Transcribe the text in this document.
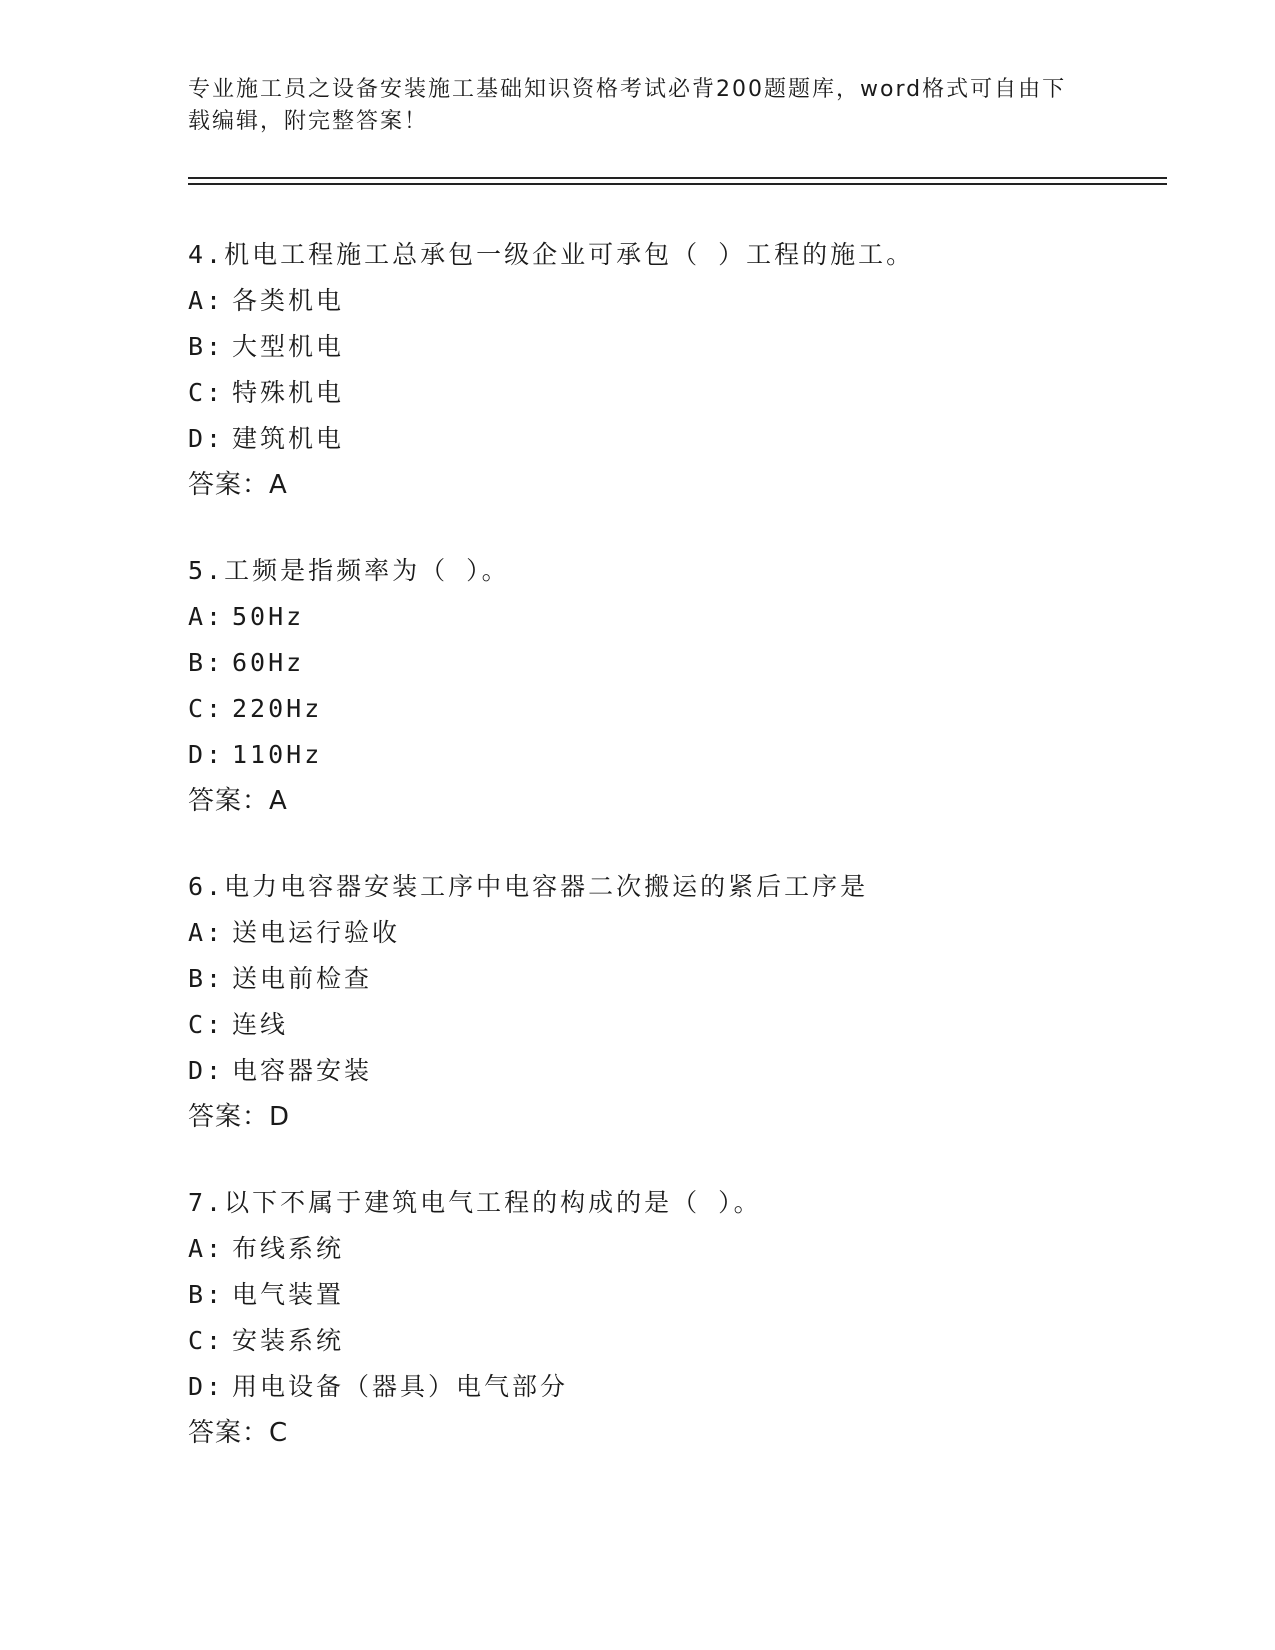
专业施工员之设备安装施工基础知识资格考试必背200题题库，word格式可自由下载编辑，附完整答案！
4.机电工程施工总承包一级企业可承包（ ）工程的施工。
A: 各类机电
B: 大型机电
C: 特殊机电
D: 建筑机电
答案：A
5.工频是指频率为（ ）。
A: 50Hz
B: 60Hz
C: 220Hz
D: 110Hz
答案：A
6.电力电容器安装工序中电容器二次搬运的紧后工序是
A: 送电运行验收
B: 送电前检查
C: 连线
D: 电容器安装
答案：D
7.以下不属于建筑电气工程的构成的是（ ）。
A: 布线系统
B: 电气装置
C: 安装系统
D: 用电设备（器具）电气部分
答案：C
